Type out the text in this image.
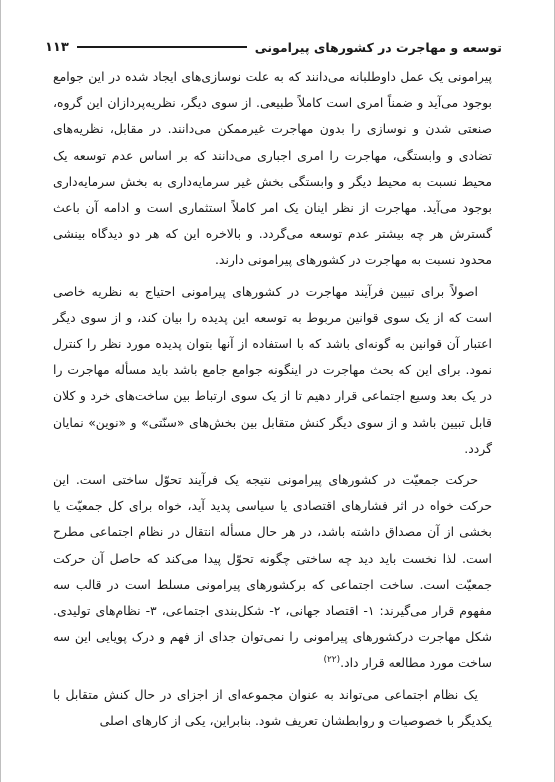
توسعه و مهاجرت در کشورهای پیرامونی
۱۱۳

پیرامونی یک عمل داوطلبانه می‌دانند که به علت نوسازی‌های ایجاد شده در این جوامع بوجود می‌آید و ضمناً امری است کاملاً طبیعی. از سوی دیگر، نظریه‌پردازان این گروه، صنعتی شدن و نوسازی را بدون مهاجرت غیرممکن می‌دانند. در مقابل، نظریه‌های تضادی و وابستگی، مهاجرت را امری اجباری می‌دانند که بر اساس عدم توسعه یک محیط نسبت به محیط دیگر و وابستگی بخش غیر سرمایه‌داری به بخش سرمایه‌داری بوجود می‌آید. مهاجرت از نظر اینان یک امر کاملاً استثماری است و ادامه آن باعث گسترش هر چه بیشتر عدم توسعه می‌گردد. و بالاخره این که هر دو دیدگاه بینشی محدود نسبت به مهاجرت در کشورهای پیرامونی دارند.

اصولاً برای تبیین فرآیند مهاجرت در کشورهای پیرامونی احتیاج به نظریه خاصی است که از یک سوی قوانین مربوط به توسعه این پدیده را بیان کند، و از سوی دیگر اعتبار آن قوانین به گونه‌ای باشد که با استفاده از آنها بتوان پدیده مورد نظر را کنترل نمود. برای این که بحث مهاجرت در اینگونه جوامع جامع باشد باید مسأله مهاجرت را در یک بعد وسیع اجتماعی قرار دهیم تا از یک سوی ارتباط بین ساخت‌های خرد و کلان قابل تبیین باشد و از سوی دیگر کنش متقابل بین بخش‌های «سنّتی» و «نوین» نمایان گردد.

حرکت جمعیّت در کشورهای پیرامونی نتیجه یک فرآیند تحوّل ساختی است. این حرکت خواه در اثر فشارهای اقتصادی یا سیاسی پدید آید، خواه برای کل جمعیّت یا بخشی از آن مصداق داشته باشد، در هر حال مسأله انتقال در نظام اجتماعی مطرح است. لذا نخست باید دید چه ساختی چگونه تحوّل پیدا می‌کند که حاصل آن حرکت جمعیّت است. ساخت اجتماعی که برکشورهای پیرامونی مسلط است در قالب سه مفهوم قرار می‌گیرند: ۱- اقتصاد جهانی، ۲- شکل‌بندی اجتماعی، ۳- نظام‌های تولیدی. شکل مهاجرت درکشورهای پیرامونی را نمی‌توان جدای از فهم و درک پویایی این سه ساخت مورد مطالعه قرار داد.$^{(۲۲)}$

یک نظام اجتماعی می‌تواند به عنوان مجموعه‌ای از اجزای در حال کنش متقابل با یکدیگر با خصوصیات و روابطشان تعریف شود. بنابراین، یکی از کارهای اصلی
